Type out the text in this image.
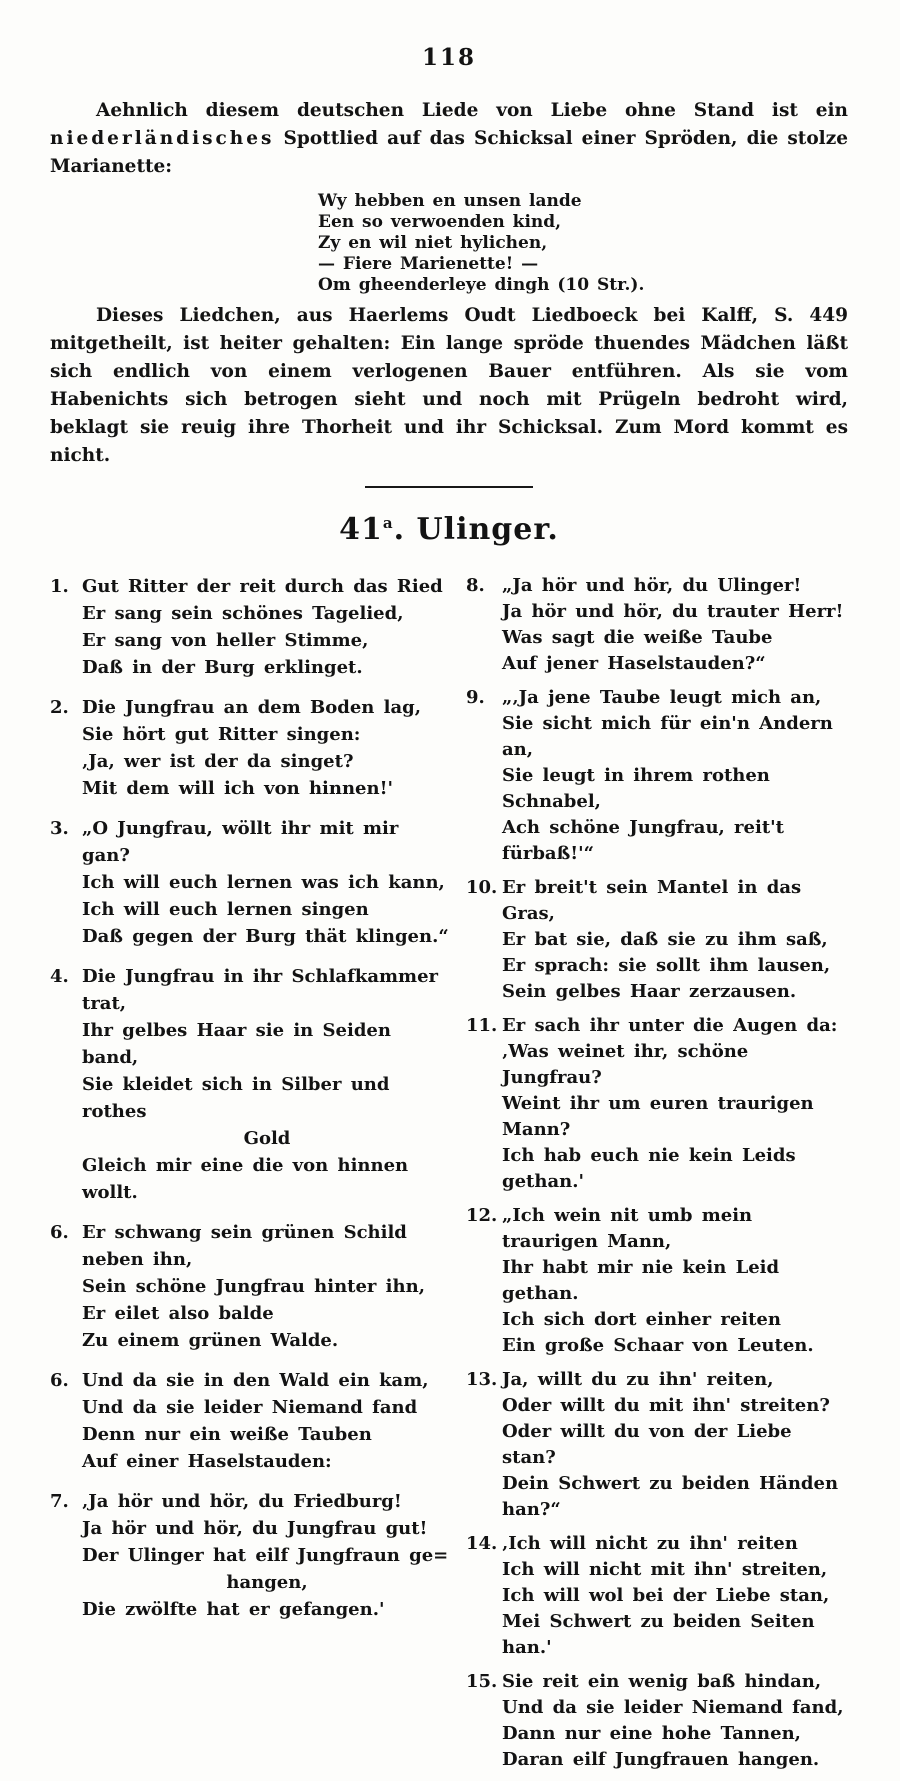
118

Aehnlich diesem deutschen Liede von Liebe ohne Stand ist ein niederländisches Spottlied auf das Schicksal einer Spröden, die stolze Marianette:

Wy hebben en unsen lande
Een so verwoenden kind,
Zy en wil niet hylichen,
— Fiere Marienette! —
Om gheenderleye dingh (10 Str.).

Dieses Liedchen, aus Haerlems Oudt Liedboeck bei Kalff, S. 449 mitgetheilt, ist heiter gehalten: Ein lange spröde thuendes Mädchen läßt sich endlich von einem verlogenen Bauer entführen. Als sie vom Habenichts sich betrogen sieht und noch mit Prügeln bedroht wird, beklagt sie reuig ihre Thorheit und ihr Schicksal. Zum Mord kommt es nicht.

41$^a$. Ulinger.
1. Gut Ritter der reit durch das Ried
Er sang sein schönes Tagelied,
Er sang von heller Stimme,
Daß in der Burg erklinget.
2. Die Jungfrau an dem Boden lag,
Sie hört gut Ritter singen:
‚Ja, wer ist der da singet?
Mit dem will ich von hinnen!'
3. „O Jungfrau, wöllt ihr mit mir gan?
Ich will euch lernen was ich kann,
Ich will euch lernen singen
Daß gegen der Burg thät klingen.“
4. Die Jungfrau in ihr Schlafkammer trat,
Ihr gelbes Haar sie in Seiden band,
Sie kleidet sich in Silber und rothes
Gold
Gleich mir eine die von hinnen wollt.
6. Er schwang sein grünen Schild neben ihn,
Sein schöne Jungfrau hinter ihn,
Er eilet also balde
Zu einem grünen Walde.
6. Und da sie in den Wald ein kam,
Und da sie leider Niemand fand
Denn nur ein weiße Tauben
Auf einer Haselstauden:
7. ‚Ja hör und hör, du Friedburg!
Ja hör und hör, du Jungfrau gut!
Der Ulinger hat eilf Jungfraun ge=
hangen,
Die zwölfte hat er gefangen.'
8. „Ja hör und hör, du Ulinger!
Ja hör und hör, du trauter Herr!
Was sagt die weiße Taube
Auf jener Haselstauden?“
9. „‚Ja jene Taube leugt mich an,
Sie sicht mich für ein'n Andern an,
Sie leugt in ihrem rothen Schnabel,
Ach schöne Jungfrau, reit't fürbaß!'“
10. Er breit't sein Mantel in das Gras,
Er bat sie, daß sie zu ihm saß,
Er sprach: sie sollt ihm lausen,
Sein gelbes Haar zerzausen.
11. Er sach ihr unter die Augen da:
‚Was weinet ihr, schöne Jungfrau?
Weint ihr um euren traurigen Mann?
Ich hab euch nie kein Leids gethan.'
12. „Ich wein nit umb mein traurigen Mann,
Ihr habt mir nie kein Leid gethan.
Ich sich dort einher reiten
Ein große Schaar von Leuten.
13. Ja, willt du zu ihn' reiten,
Oder willt du mit ihn' streiten?
Oder willt du von der Liebe stan?
Dein Schwert zu beiden Händen han?“
14. ‚Ich will nicht zu ihn' reiten
Ich will nicht mit ihn' streiten,
Ich will wol bei der Liebe stan,
Mei Schwert zu beiden Seiten han.'
15. Sie reit ein wenig baß hindan,
Und da sie leider Niemand fand,
Dann nur eine hohe Tannen,
Daran eilf Jungfrauen hangen.
